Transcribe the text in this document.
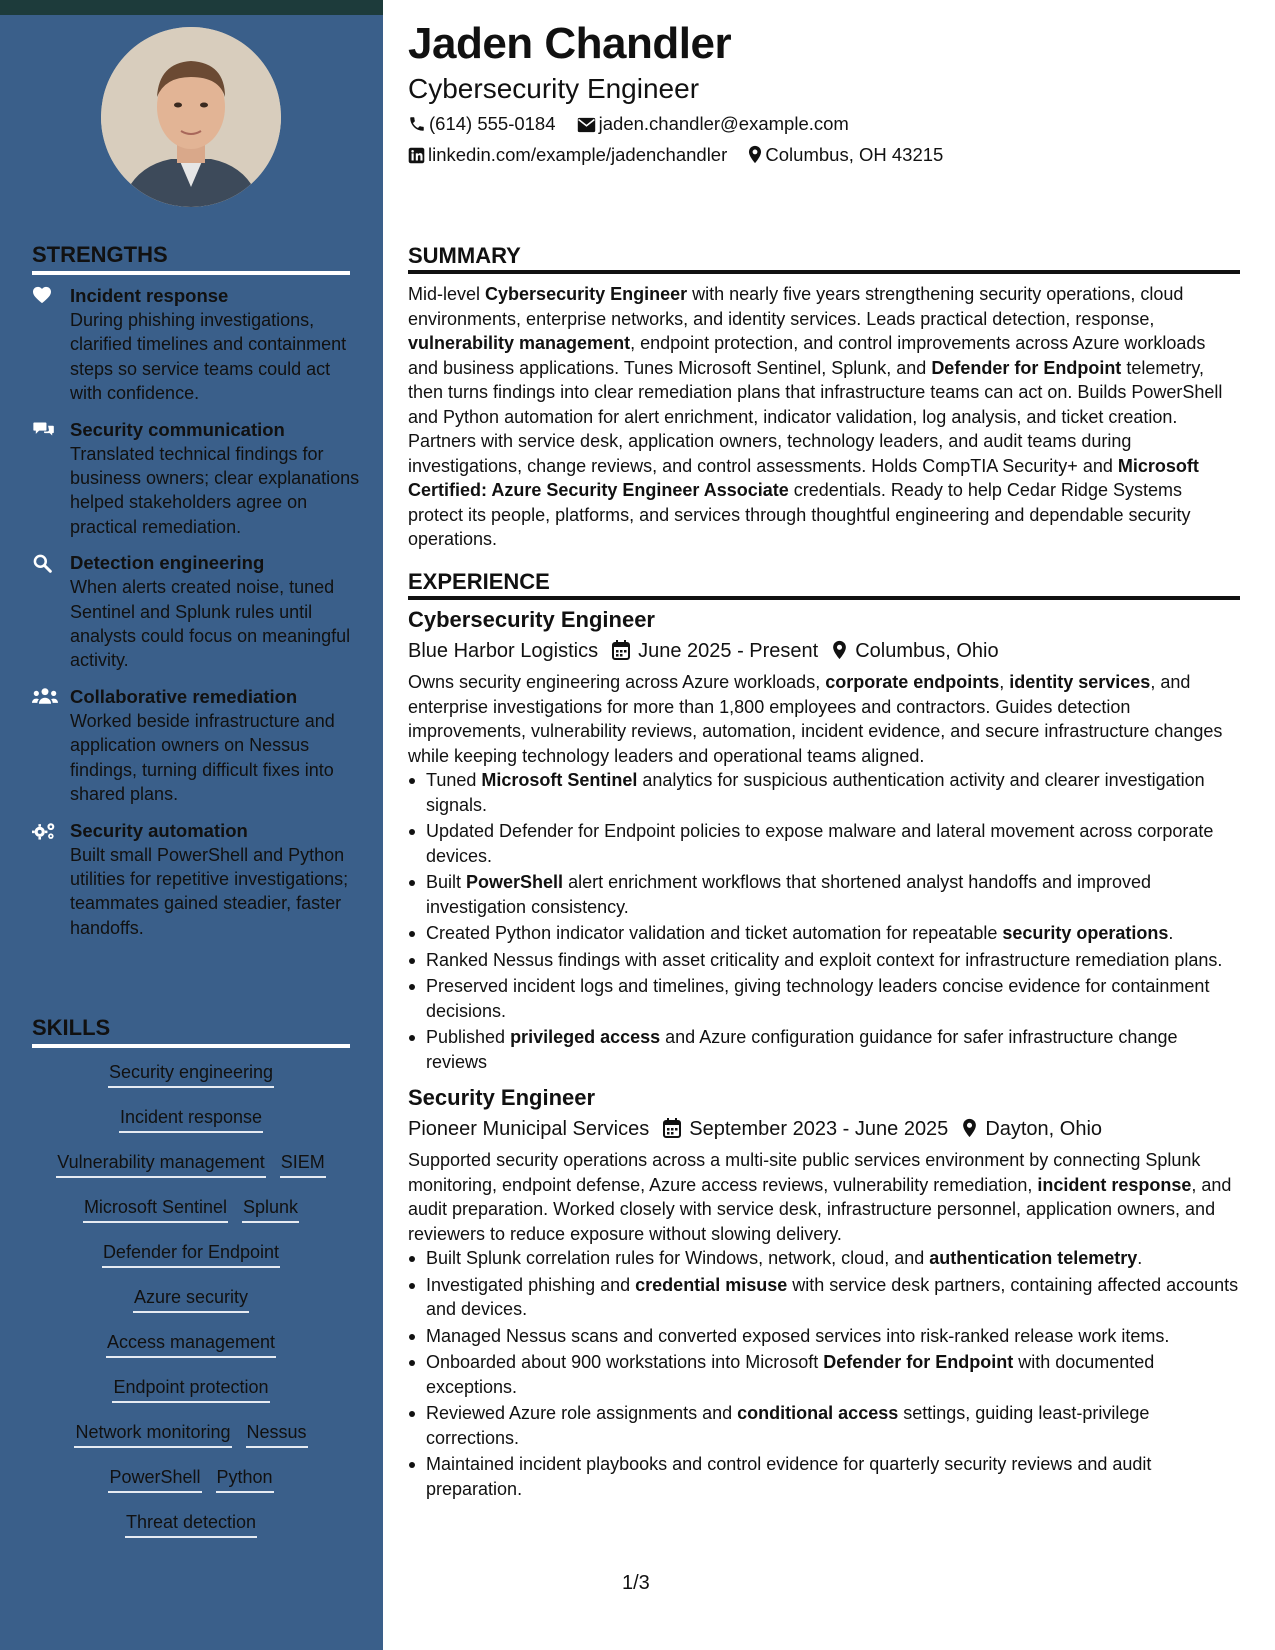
Jaden Chandler
Cybersecurity Engineer
(614) 555-0184 jaden.chandler@example.com
linkedin.com/example/jadenchandler Columbus, OH 43215
STRENGTHS
Incident response
During phishing investigations, clarified timelines and containment steps so service teams could act with confidence.
Security communication
Translated technical findings for business owners; clear explanations helped stakeholders agree on practical remediation.
Detection engineering
When alerts created noise, tuned Sentinel and Splunk rules until analysts could focus on meaningful activity.
Collaborative remediation
Worked beside infrastructure and application owners on Nessus findings, turning difficult fixes into shared plans.
Security automation
Built small PowerShell and Python utilities for repetitive investigations; teammates gained steadier, faster handoffs.
SKILLS
Security engineering
Incident response
Vulnerability management SIEM
Microsoft Sentinel Splunk
Defender for Endpoint
Azure security
Access management
Endpoint protection
Network monitoring Nessus
PowerShell Python
Threat detection
SUMMARY
Mid-level Cybersecurity Engineer with nearly five years strengthening security operations, cloud environments, enterprise networks, and identity services. Leads practical detection, response, vulnerability management, endpoint protection, and control improvements across Azure workloads and business applications. Tunes Microsoft Sentinel, Splunk, and Defender for Endpoint telemetry, then turns findings into clear remediation plans that infrastructure teams can act on. Builds PowerShell and Python automation for alert enrichment, indicator validation, log analysis, and ticket creation. Partners with service desk, application owners, technology leaders, and audit teams during investigations, change reviews, and control assessments. Holds CompTIA Security+ and Microsoft Certified: Azure Security Engineer Associate credentials. Ready to help Cedar Ridge Systems protect its people, platforms, and services through thoughtful engineering and dependable security operations.
EXPERIENCE
Cybersecurity Engineer
Blue Harbor Logistics June 2025 - Present Columbus, Ohio
Owns security engineering across Azure workloads, corporate endpoints, identity services, and enterprise investigations for more than 1,800 employees and contractors. Guides detection improvements, vulnerability reviews, automation, incident evidence, and secure infrastructure changes while keeping technology leaders and operational teams aligned.
Tuned Microsoft Sentinel analytics for suspicious authentication activity and clearer investigation signals.
Updated Defender for Endpoint policies to expose malware and lateral movement across corporate devices.
Built PowerShell alert enrichment workflows that shortened analyst handoffs and improved investigation consistency.
Created Python indicator validation and ticket automation for repeatable security operations.
Ranked Nessus findings with asset criticality and exploit context for infrastructure remediation plans.
Preserved incident logs and timelines, giving technology leaders concise evidence for containment decisions.
Published privileged access and Azure configuration guidance for safer infrastructure change reviews
Security Engineer
Pioneer Municipal Services September 2023 - June 2025 Dayton, Ohio
Supported security operations across a multi-site public services environment by connecting Splunk monitoring, endpoint defense, Azure access reviews, vulnerability remediation, incident response, and audit preparation. Worked closely with service desk, infrastructure personnel, application owners, and reviewers to reduce exposure without slowing delivery.
Built Splunk correlation rules for Windows, network, cloud, and authentication telemetry.
Investigated phishing and credential misuse with service desk partners, containing affected accounts and devices.
Managed Nessus scans and converted exposed services into risk-ranked release work items.
Onboarded about 900 workstations into Microsoft Defender for Endpoint with documented exceptions.
Reviewed Azure role assignments and conditional access settings, guiding least-privilege corrections.
Maintained incident playbooks and control evidence for quarterly security reviews and audit preparation.
1/3
